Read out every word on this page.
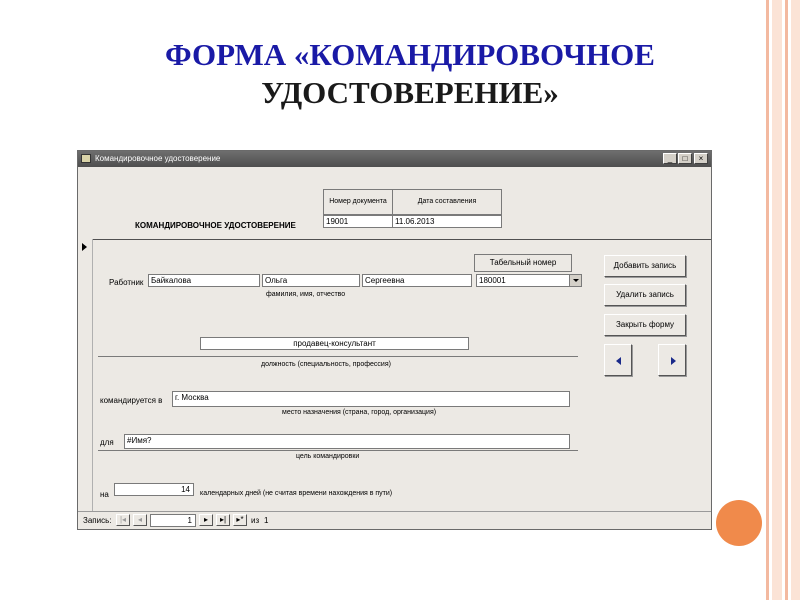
ФОРМА «КОМАНДИРОВОЧНОЕ
УДОСТОВЕРЕНИЕ»
Командировочное удостоверение	_	□	×
Номер документа	Дата составления
19001	11.06.2013
КОМАНДИРОВОЧНОЕ УДОСТОВЕРЕНИЕ
Табельный номер
Работник Байкалова	Ольга	Сергеевна	180001
фамилия, имя, отчество
продавец-консультант
должность (специальность, профессия)
командируется в	г. Москва
место назначения (страна, город, организация)
для	#Имя?
цель командировки
на
14	календарных дней (не считая времени нахождения в пути)
Добавить запись
Удалить запись
Закрыть форму
Запись:	|◂	◂	1	▸	▸|	▸* из 1
